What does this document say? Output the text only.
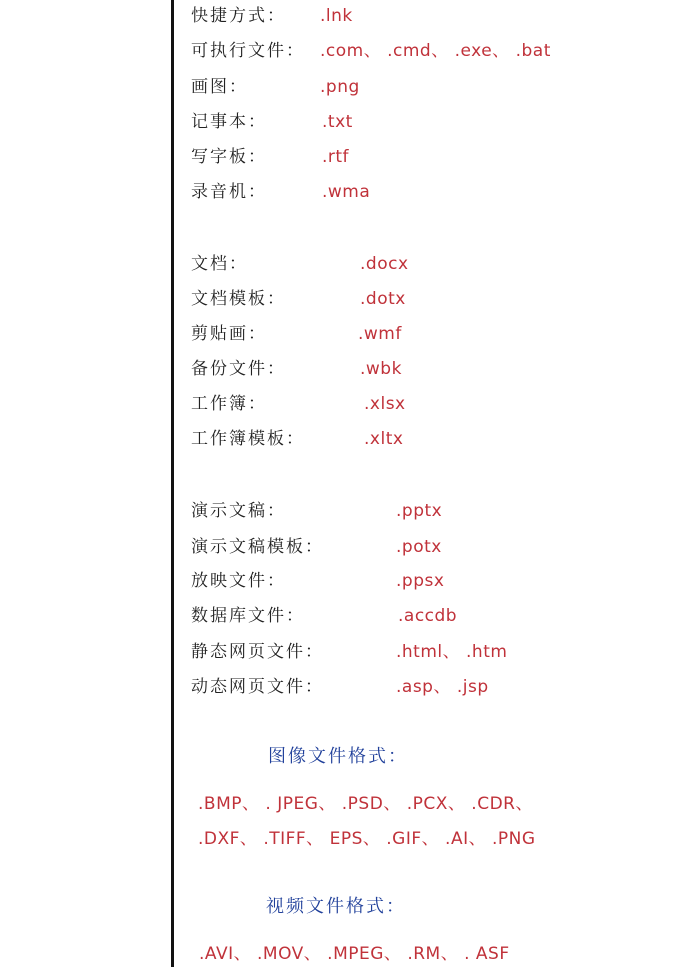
快捷方式： .lnk
可执行文件： .com、 .cmd、 .exe、 .bat
画图：	.png
记事本：	.txt
写字板：	.rtf
录音机：	.wma
文档：	.docx
文档模板：	.dotx
剪贴画：	.wmf
备份文件：	.wbk
工作簿：	.xlsx
工作簿模板：	.xltx
演示文稿：	.pptx
演示文稿模板：	.potx
放映文件：	.ppsx
数据库文件：	.accdb
静态网页文件：	.html、 .htm
动态网页文件：	.asp、 .jsp
图像文件格式：
.BMP、 . JPEG、 .PSD、 .PCX、 .CDR、
.DXF、 .TIFF、 EPS、 .GIF、 .AI、 .PNG
视频文件格式：
.AVI、 .MOV、 .MPEG、 .RM、 . ASF
